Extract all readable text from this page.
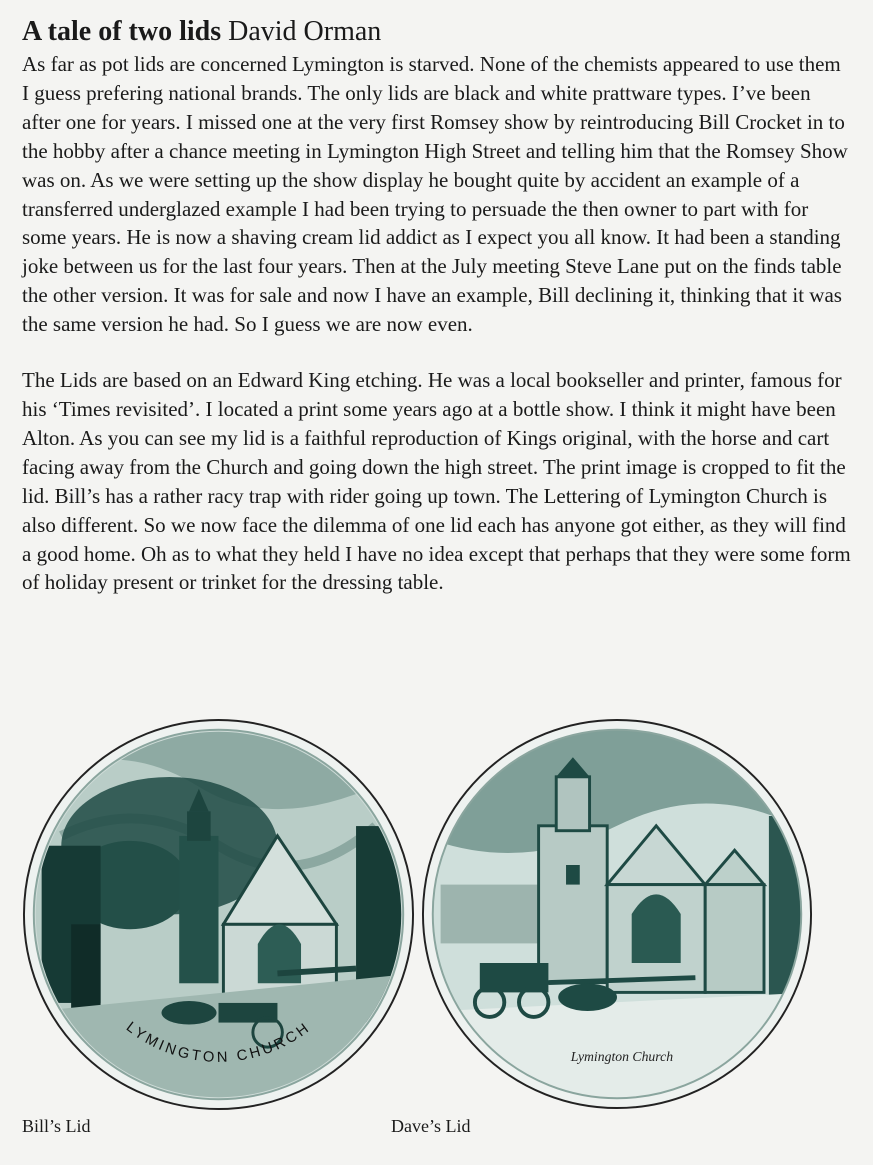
A tale of two lids David Orman

As far as pot lids are concerned Lymington is starved. None of the chemists appeared to use them I guess prefering national brands. The only lids are black and white prattware types. I’ve been after one for years. I missed one at the very first Romsey show by reintroducing Bill Crocket in to the hobby after a chance meeting in Lymington High Street and telling him that the Romsey Show was on. As we were setting up the show display he bought quite by accident an example of a transferred underglazed example I had been trying to persuade the then owner to part with for some years. He is now a shaving cream lid addict as I expect you all know. It had been a standing joke between us for the last four years. Then at the July meeting Steve Lane put on the finds table the other version. It was for sale and now I have an example, Bill declining it, thinking that it was the same version he had. So I guess we are now even.

The Lids are based on an Edward King etching. He was a local bookseller and printer, famous for his ‘Times revisited’. I located a print some years ago at a bottle show. I think it might have been Alton. As you can see my lid is a faithful reproduction of Kings original, with the horse and cart facing away from the Church and going down the high street. The print image is cropped to fit the lid. Bill’s has a rather racy trap with rider going up town. The Lettering of Lymington Church is also different. So we now face the dilemma of one lid each has anyone got either, as they will find a good home. Oh as to what they held I have no idea except that perhaps that they were some form of holiday present or trinket for the dressing table.

LYMINGTON CHURCH
Lymington Church
Bill’s Lid	Dave’s Lid
